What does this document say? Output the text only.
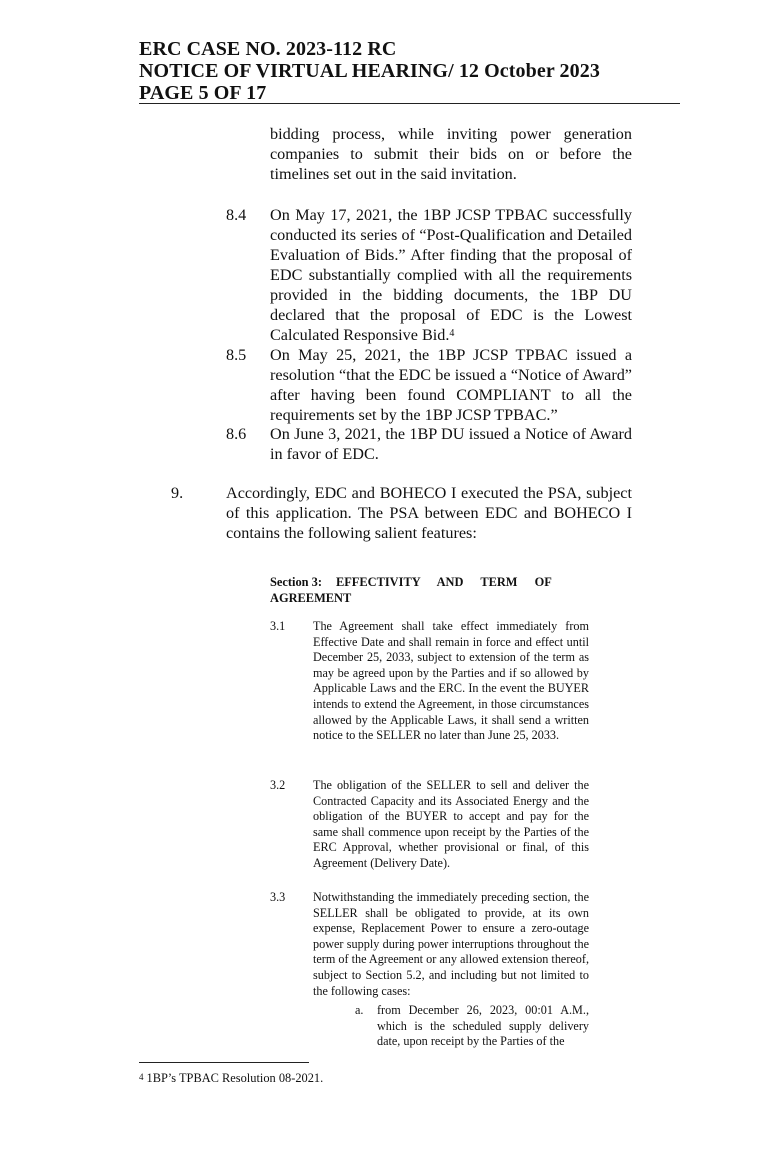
ERC CASE NO. 2023-112 RC
NOTICE OF VIRTUAL HEARING/ 12 October 2023
PAGE 5 OF 17

bidding process, while inviting power generation companies to submit their bids on or before the timelines set out in the said invitation.

8.4 On May 17, 2021, the 1BP JCSP TPBAC successfully conducted its series of “Post-Qualification and Detailed Evaluation of Bids.” After finding that the proposal of EDC substantially complied with all the requirements provided in the bidding documents, the 1BP DU declared that the proposal of EDC is the Lowest Calculated Responsive Bid.$^4$

8.5 On May 25, 2021, the 1BP JCSP TPBAC issued a resolution “that the EDC be issued a “Notice of Award” after having been found COMPLIANT to all the requirements set by the 1BP JCSP TPBAC.”

8.6 On June 3, 2021, the 1BP DU issued a Notice of Award in favor of EDC.

9.	Accordingly, EDC and BOHECO I executed the PSA, subject of this application. The PSA between EDC and BOHECO I contains the following salient features:

Section 3: EFFECTIVITY AND TERM OF
AGREEMENT
3.1 The Agreement shall take effect immediately from Effective Date and shall remain in force and effect until December 25, 2033, subject to extension of the term as may be agreed upon by the Parties and if so allowed by Applicable Laws and the ERC. In the event the BUYER intends to extend the Agreement, in those circumstances allowed by the Applicable Laws, it shall send a written notice to the SELLER no later than June 25, 2033.

3.2 The obligation of the SELLER to sell and deliver the Contracted Capacity and its Associated Energy and the obligation of the BUYER to accept and pay for the same shall commence upon receipt by the Parties of the ERC Approval, whether provisional or final, of this Agreement (Delivery Date).

3.3 Notwithstanding the immediately preceding section, the SELLER shall be obligated to provide, at its own expense, Replacement Power to ensure a zero-outage power supply during power interruptions throughout the term of the Agreement or any allowed extension thereof, subject to Section 5.2, and including but not limited to the following cases:

a. from December 26, 2023, 00:01 A.M., which is the scheduled supply delivery date, upon receipt by the Parties of the

4 1BP’s TPBAC Resolution 08-2021.
